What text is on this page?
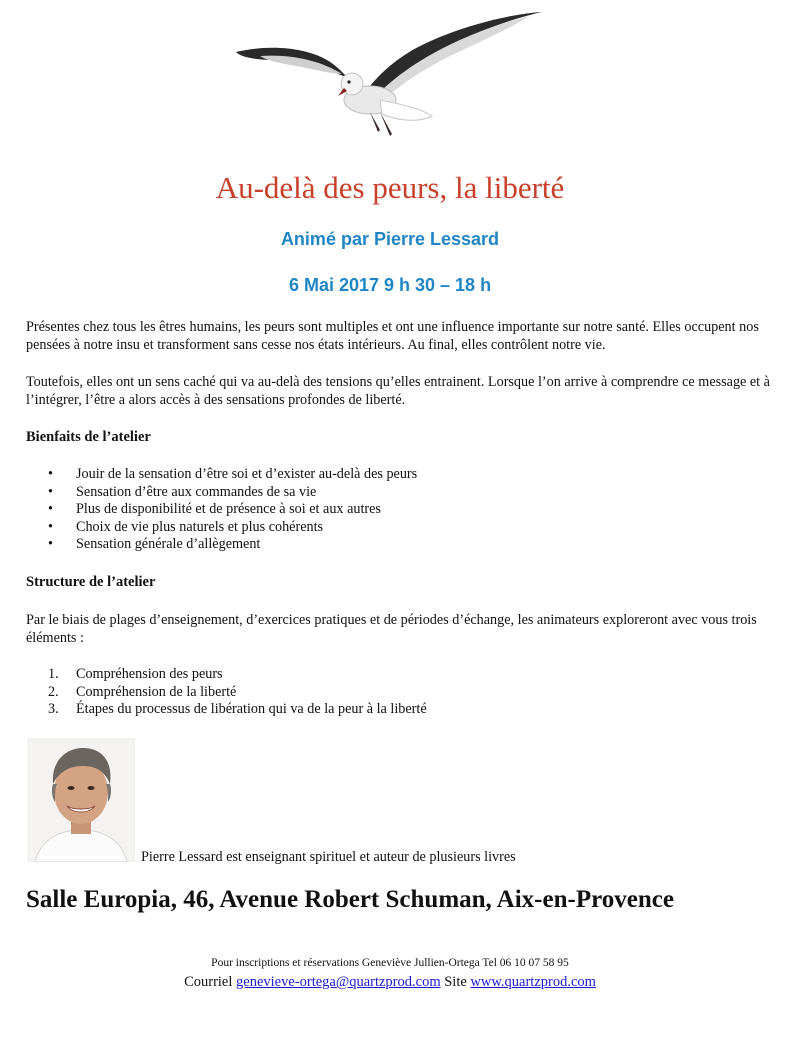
Au-delà des peurs, la liberté
Animé par Pierre Lessard
6 Mai 2017 9 h 30 – 18 h
Présentes chez tous les êtres humains, les peurs sont multiples et ont une influence importante sur notre santé. Elles occupent nos pensées à notre insu et transforment sans cesse nos états intérieurs. Au final, elles contrôlent notre vie.
Toutefois, elles ont un sens caché qui va au-delà des tensions qu’elles entrainent. Lorsque l’on arrive à comprendre ce message et à l’intégrer, l’être a alors accès à des sensations profondes de liberté.
Bienfaits de l’atelier
• Jouir de la sensation d’être soi et d’exister au-delà des peurs
• Sensation d’être aux commandes de sa vie
• Plus de disponibilité et de présence à soi et aux autres
• Choix de vie plus naturels et plus cohérents
• Sensation générale d’allègement
Structure de l’atelier
Par le biais de plages d’enseignement, d’exercices pratiques et de périodes d’échange, les animateurs exploreront avec vous trois éléments :
1. Compréhension des peurs
2. Compréhension de la liberté
3. Étapes du processus de libération qui va de la peur à la liberté
Pierre Lessard est enseignant spirituel et auteur de plusieurs livres
Salle Europia, 46, Avenue Robert Schuman, Aix-en-Provence
Pour inscriptions et réservations Geneviève Jullien-Ortega Tel 06 10 07 58 95
Courriel genevieve-ortega@quartzprod.com Site www.quartzprod.com
